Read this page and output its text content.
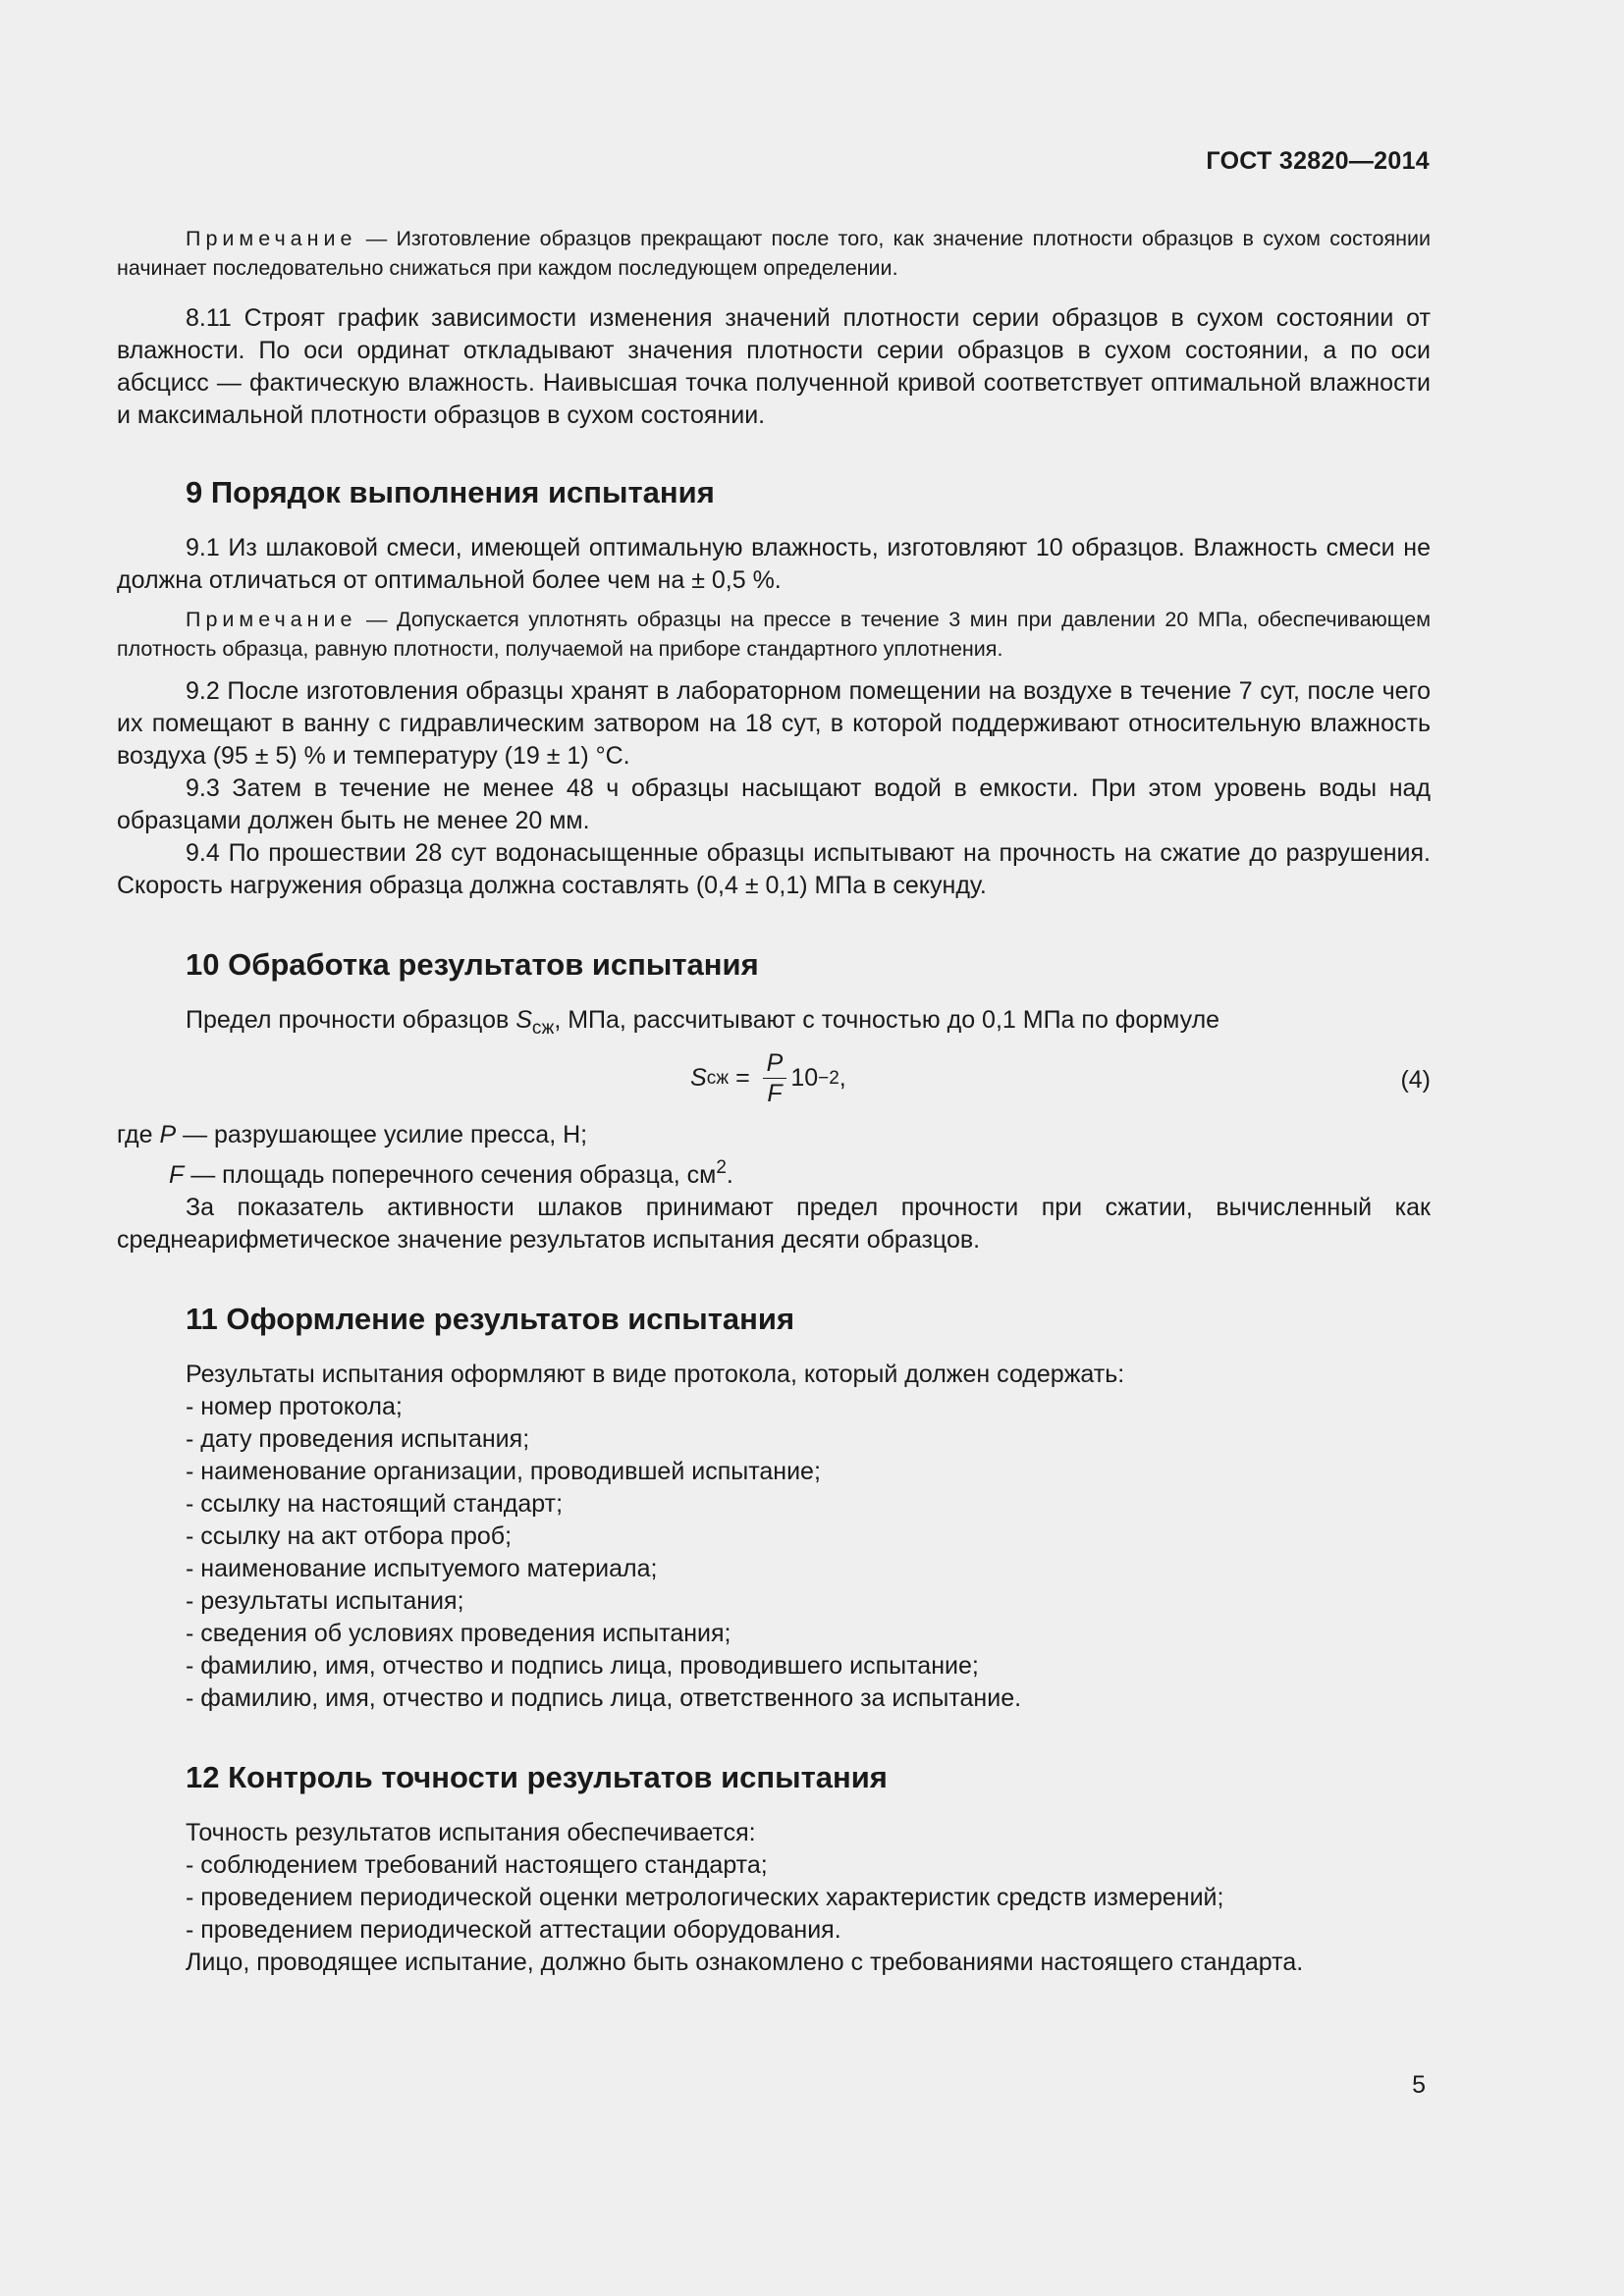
ГОСТ 32820—2014

Примечание — Изготовление образцов прекращают после того, как значение плотности образцов в сухом состоянии начинает последовательно снижаться при каждом последующем определении.

8.11 Строят график зависимости изменения значений плотности серии образцов в сухом состоянии от влажности. По оси ординат откладывают значения плотности серии образцов в сухом состоянии, а по оси абсцисс — фактическую влажность. Наивысшая точка полученной кривой соответствует оптимальной влажности и максимальной плотности образцов в сухом состоянии.

9 Порядок выполнения испытания

9.1 Из шлаковой смеси, имеющей оптимальную влажность, изготовляют 10 образцов. Влажность смеси не должна отличаться от оптимальной более чем на ± 0,5 %.

Примечание — Допускается уплотнять образцы на прессе в течение 3 мин при давлении 20 МПа, обеспечивающем плотность образца, равную плотности, получаемой на приборе стандартного уплотнения.

9.2 После изготовления образцы хранят в лабораторном помещении на воздухе в течение 7 сут, после чего их помещают в ванну с гидравлическим затвором на 18 сут, в которой поддерживают относительную влажность воздуха (95 ± 5) % и температуру (19 ± 1) °С.

9.3 Затем в течение не менее 48 ч образцы насыщают водой в емкости. При этом уровень воды над образцами должен быть не менее 20 мм.

9.4 По прошествии 28 сут водонасыщенные образцы испытывают на прочность на сжатие до разрушения. Скорость нагружения образца должна составлять (0,4 ± 0,1) МПа в секунду.

10 Обработка результатов испытания

Предел прочности образцов $S_{сж}$, МПа, рассчитывают с точностью до 0,1 МПа по формуле

S сж = $\frac{P}{F} 10 -2$ ,	(4)

где P — разрушающее усилие пресса, Н;

F — площадь поперечного сечения образца, $см^2$.

За показатель активности шлаков принимают предел прочности при сжатии, вычисленный как среднеарифметическое значение результатов испытания десяти образцов.

11 Оформление результатов испытания

Результаты испытания оформляют в виде протокола, который должен содержать:

- номер протокола;

- дату проведения испытания;

- наименование организации, проводившей испытание;

- ссылку на настоящий стандарт;

- ссылку на акт отбора проб;

- наименование испытуемого материала;

- результаты испытания;

- сведения об условиях проведения испытания;

- фамилию, имя, отчество и подпись лица, проводившего испытание;

- фамилию, имя, отчество и подпись лица, ответственного за испытание.

12 Контроль точности результатов испытания

Точность результатов испытания обеспечивается:

- соблюдением требований настоящего стандарта;

- проведением периодической оценки метрологических характеристик средств измерений;

- проведением периодической аттестации оборудования.

Лицо, проводящее испытание, должно быть ознакомлено с требованиями настоящего стандарта.

5
